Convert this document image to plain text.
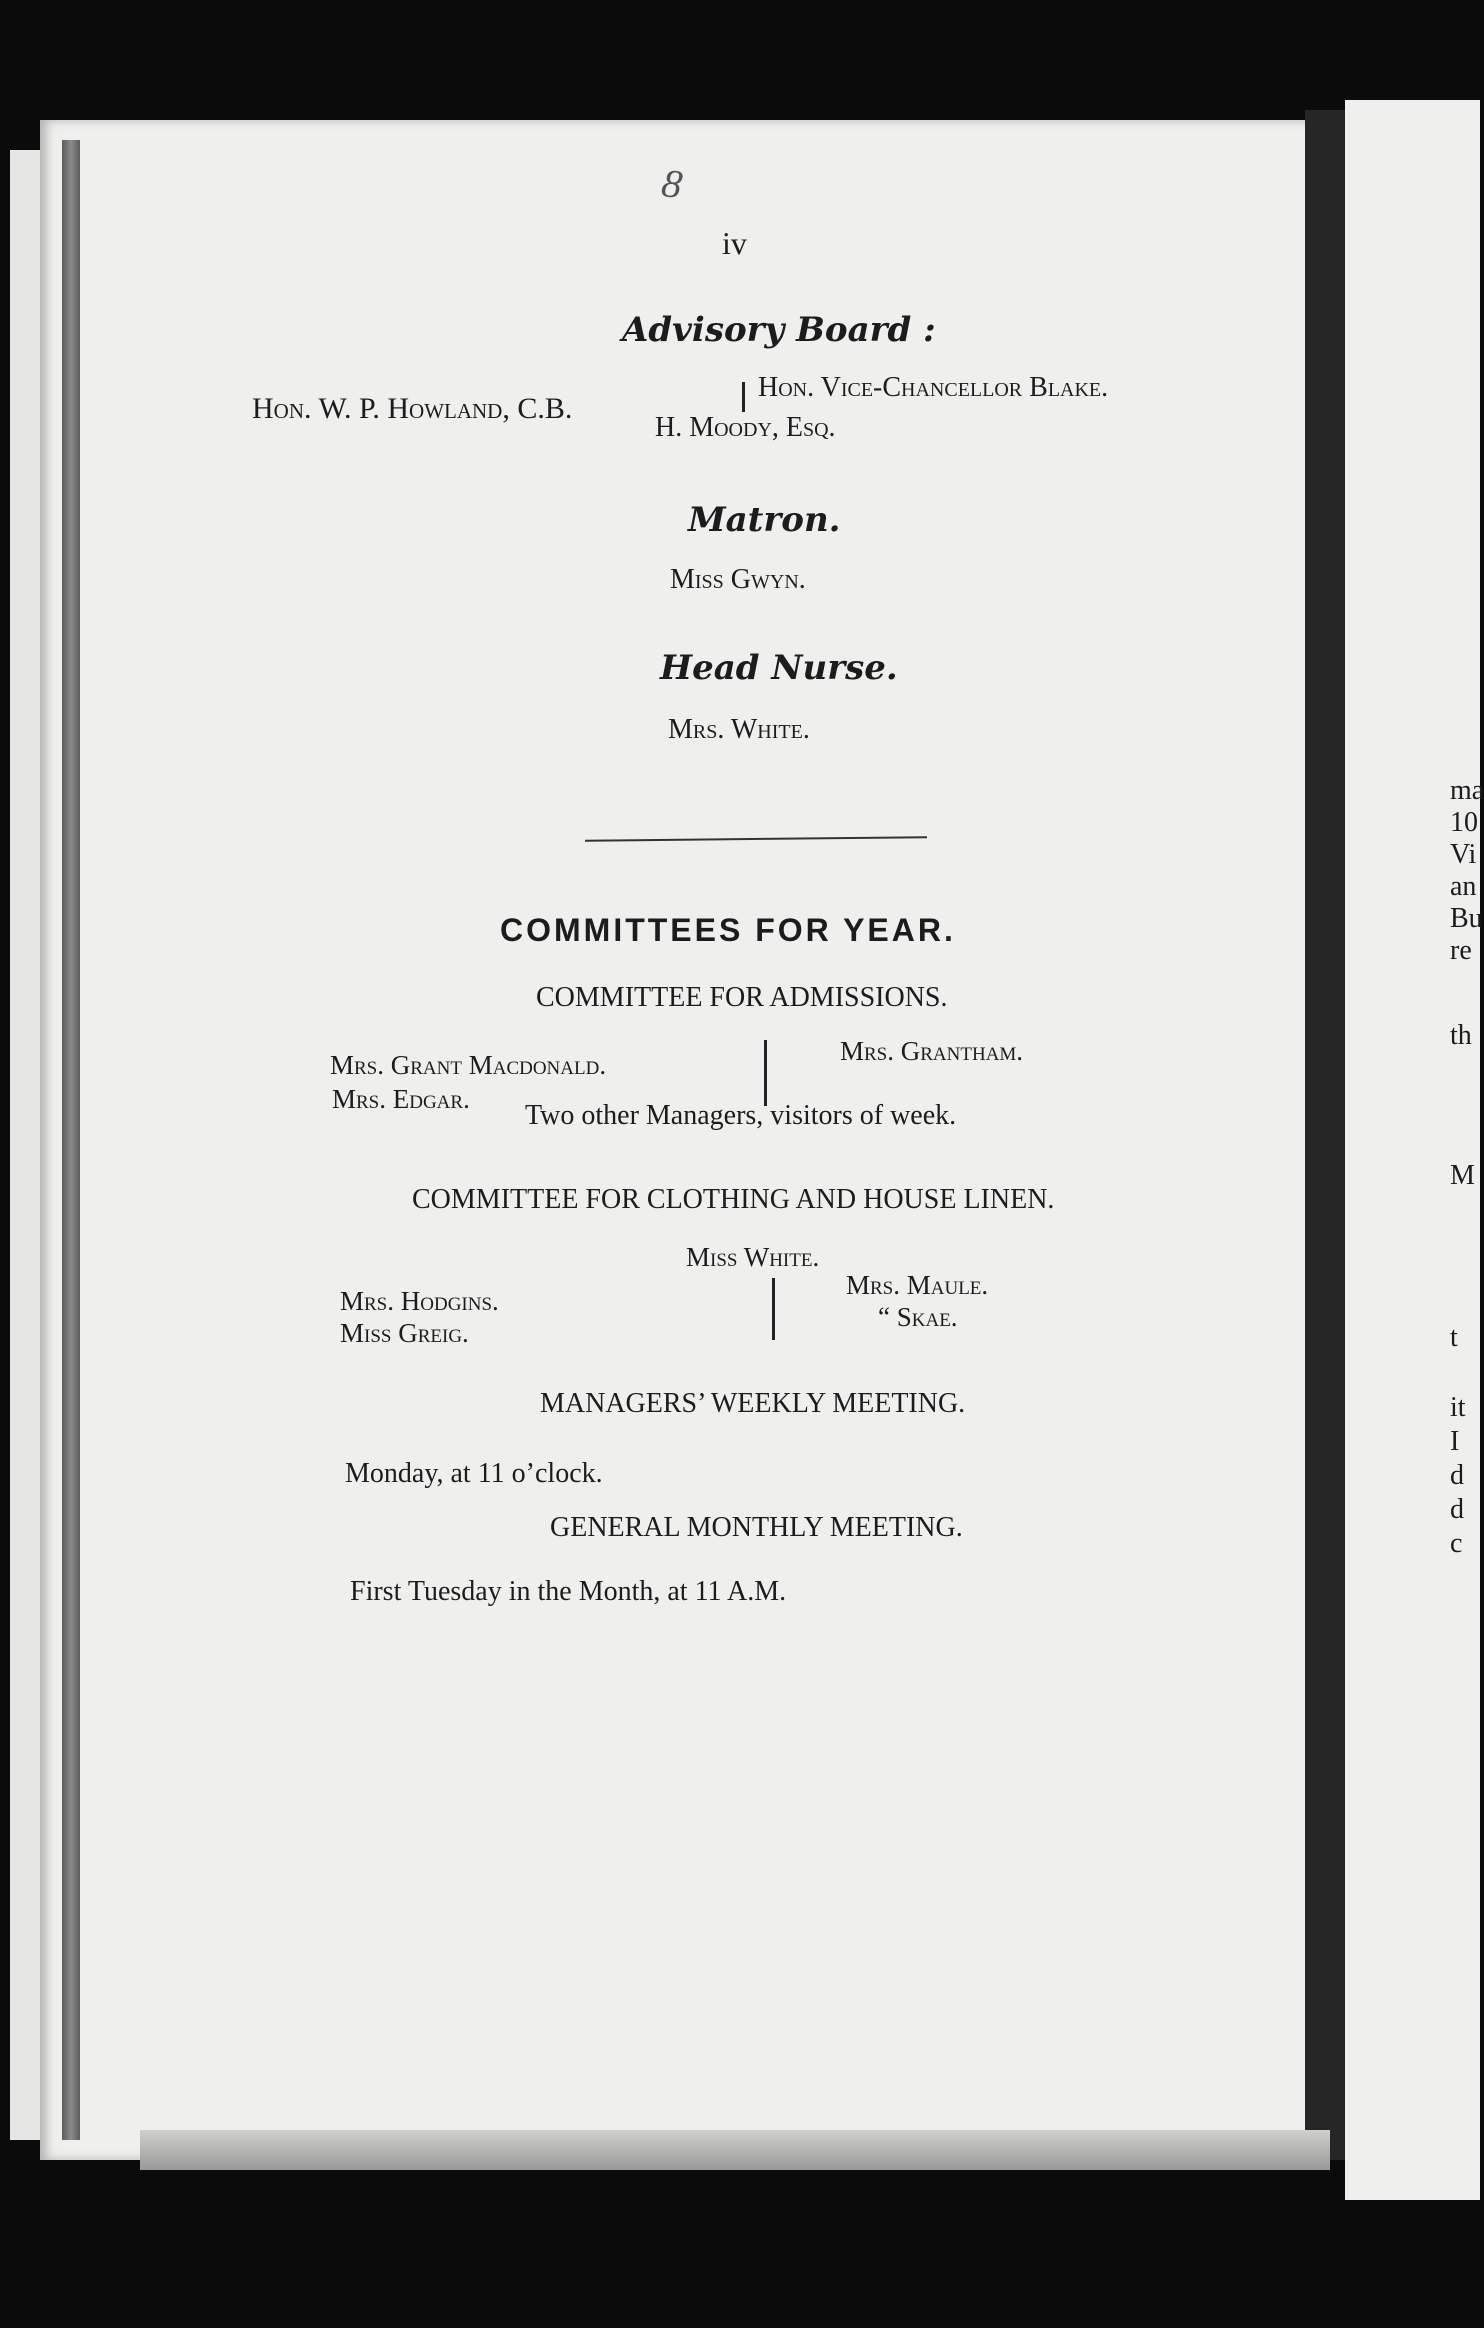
iv
8
Advisory Board :
Hon. W. P. Howland, C.B.
Hon. Vice-Chancellor Blake.
H. Moody, Esq.
Matron.
Miss Gwyn.
Head Nurse.
Mrs. White.
COMMITTEES FOR YEAR.
COMMITTEE FOR ADMISSIONS.
Mrs. Grant Macdonald.
Mrs. Edgar.
Mrs. Grantham.
Two other Managers, visitors of week.
COMMITTEE FOR CLOTHING AND HOUSE LINEN.
Miss White.
Mrs. Hodgins.
Miss Greig.
Mrs. Maule.
“ Skae.
MANAGERS’ WEEKLY MEETING.
Monday, at 11 o’clock.
GENERAL MONTHLY MEETING.
First Tuesday in the Month, at 11 A.M.
ma
10
Vi
an
Bu
re
th
M
t
it
I
d
d
c
